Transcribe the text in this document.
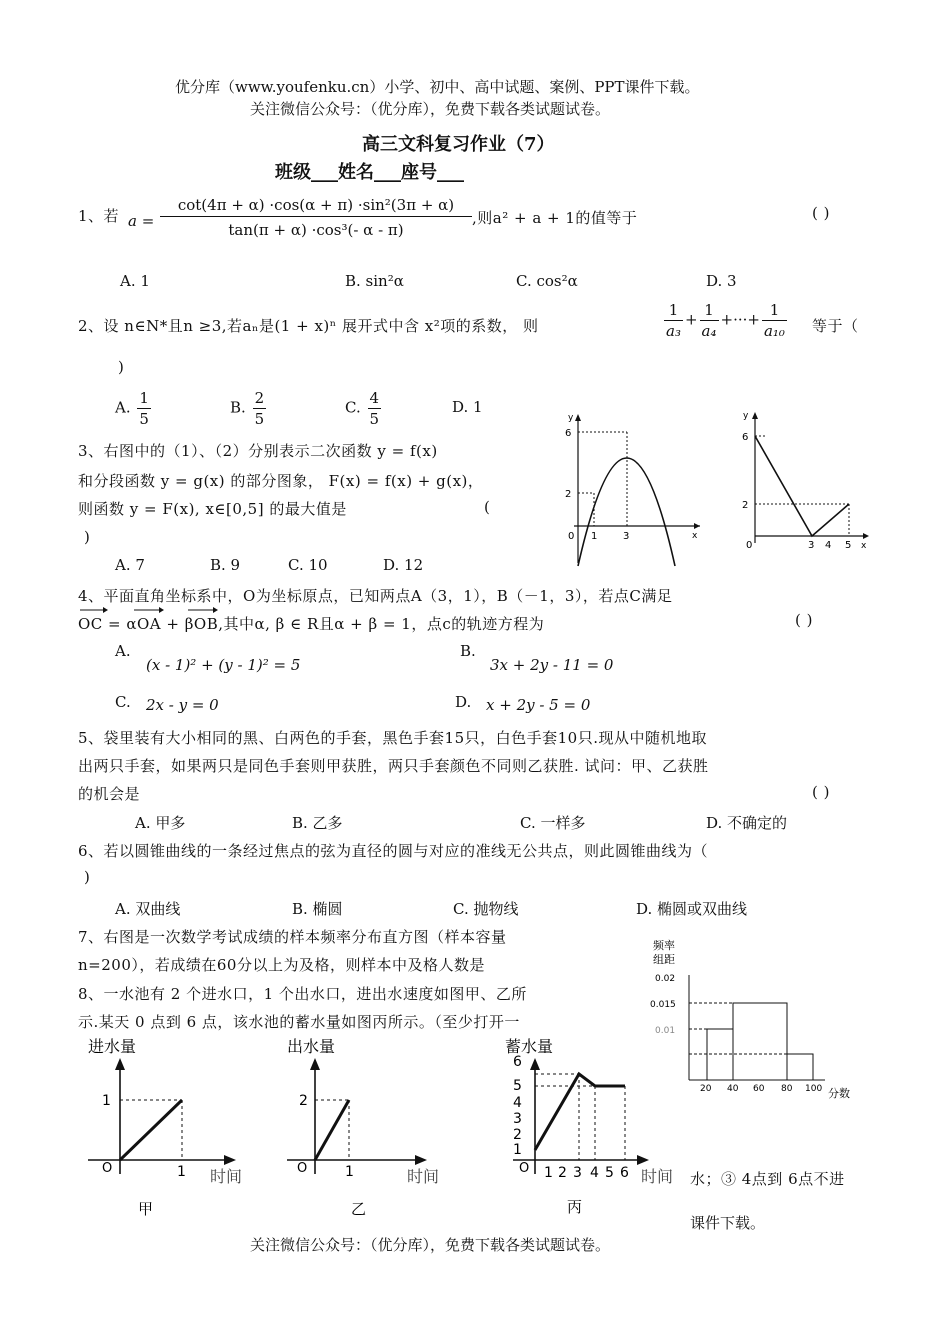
优分库（www.youfenku.cn）小学、初中、高中试题、案例、PPT课件下载。
关注微信公众号：（优分库），免费下载各类试题试卷。
高三文科复习作业（7）
班级___姓名___座号___
1、若 $a = \frac{\text{cot(4π + α) ·cos(α + π) ·sin²(3π + α)}}{\text{tan(π + α) ·cos³(- α - π)}}$ ,则a² + a + 1的值等于	( )
A. 1	B. sin²α	C. cos²α	D. 3
2、设 n∈N*且n ≥3,若aₙ是(1 + x)ⁿ 展开式中含 x²项的系数， 则	$\frac{1}{\text{a₃}} + \frac{1}{\text{a₄}}$ +···+ $\frac{1}{\text{a₁₀}}$ 等于（
)
A. $\frac{1}{5}$	B. $\frac{2}{5}$	C. $\frac{4}{5}$	D. 1
3、右图中的（1）、（2）分别表示二次函数 y = f(x)
和分段函数 y = g(x) 的部分图象， F(x) = f(x) + g(x)，
则函数 y = F(x), x∈[0,5] 的最大值是	(
)
A. 7	B. 9	C. 10	D. 12
y
x
6
2
0 1	3
y
x
6
2
0	3 4 5
4、平面直角坐标系中，O为坐标原点，已知两点A（3，1），B（－1，3），若点C满足
OC = αOA + βOB,其中α, β ∈ R且α + β = 1，点c的轨迹方程为	( )
A.
(x - 1)² + (y - 1)² = 5
B.
3x + 2y - 11 = 0
C. 2x - y = 0	D. x + 2y - 5 = 0
5、袋里装有大小相同的黑、白两色的手套，黑色手套15只，白色手套10只.现从中随机地取
出两只手套，如果两只是同色手套则甲获胜，两只手套颜色不同则乙获胜. 试问：甲、乙获胜
的机会是	( )
A. 甲多	B. 乙多	C. 一样多	D. 不确定的
6、若以圆锥曲线的一条经过焦点的弦为直径的圆与对应的准线无公共点，则此圆锥曲线为（
)
A. 双曲线	B. 椭圆	C. 抛物线	D. 椭圆或双曲线
7、右图是一次数学考试成绩的样本频率分布直方图（样本容量
n=200），若成绩在60分以上为及格，则样本中及格人数是
频率
组距
0.02
0.015
0.01
20 40 60 80 100 分数
8、一水池有 2 个进水口，1 个出水口，进出水速度如图甲、乙所
示.某天 0 点到 6 点，该水池的蓄水量如图丙所示。（至少打开一
水；③ 4点到 6点不进
进水量
1
1
O	时间
甲
出水量
2
1
O	时间
乙
蓄水量
6
5
4
3
2
1
1 2 3 4 5 6
O	时间
丙
课件下载。
关注微信公众号：（优分库），免费下载各类试题试卷。
